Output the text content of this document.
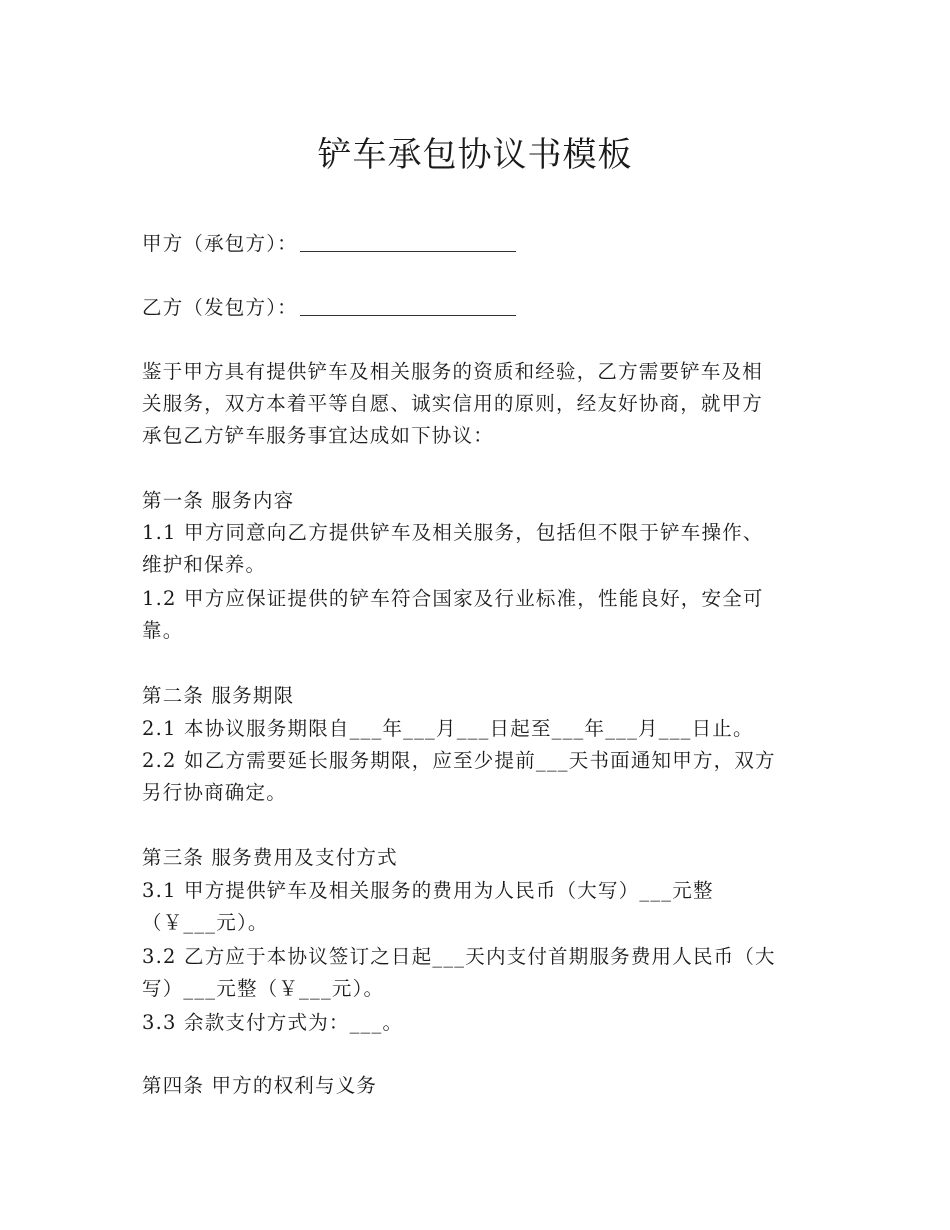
铲车承包协议书模板
甲方（承包方）：
乙方（发包方）：
鉴于甲方具有提供铲车及相关服务的资质和经验，乙方需要铲车及相
关服务，双方本着平等自愿、诚实信用的原则，经友好协商，就甲方
承包乙方铲车服务事宜达成如下协议：
第一条 服务内容
1.1 甲方同意向乙方提供铲车及相关服务，包括但不限于铲车操作、
维护和保养。
1.2 甲方应保证提供的铲车符合国家及行业标准，性能良好，安全可
靠。
第二条 服务期限
2.1 本协议服务期限自___年___月___日起至___年___月___日止。
2.2 如乙方需要延长服务期限，应至少提前___天书面通知甲方，双方
另行协商确定。
第三条 服务费用及支付方式
3.1 甲方提供铲车及相关服务的费用为人民币（大写）___元整
（￥___元）。
3.2 乙方应于本协议签订之日起___天内支付首期服务费用人民币（大
写）___元整（￥___元）。
3.3 余款支付方式为：___。
第四条 甲方的权利与义务
